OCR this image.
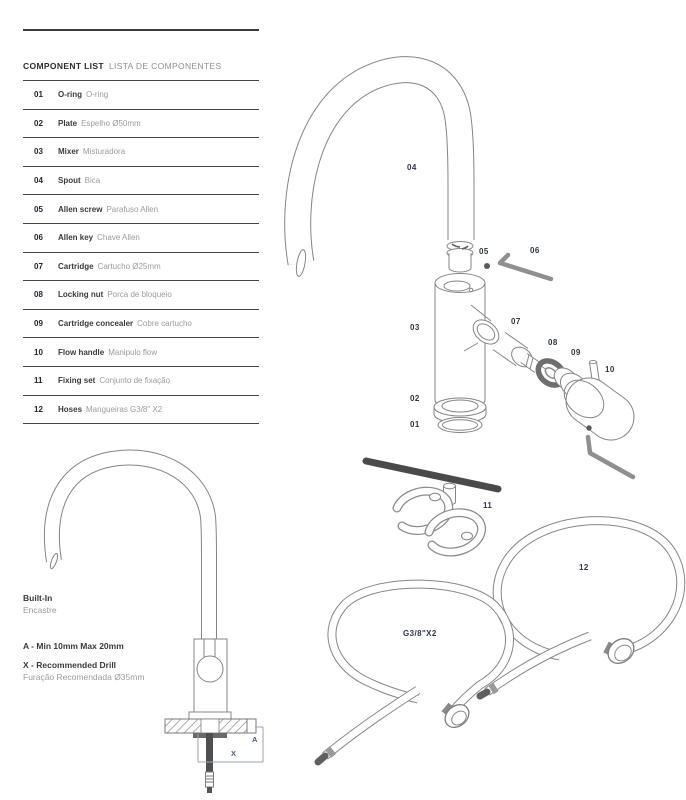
COMPONENT LIST LISTA DE COMPONENTES
01	O-ring O-ring
02	Plate Espelho Ø50mm
03	Mixer Misturadora
04	Spout Bica
05	Allen screw Parafuso Allen
06	Allen key Chave Allen
07	Cartridge Cartucho Ø25mm
08	Locking nut Porca de bloqueio
09	Cartridge concealer Cobre cartucho
10	Flow handle Manipulo flow
11	Fixing set Conjunto de fixação
12	Hoses Mangueiras G3/8" X2
04
05	06
03
07
08
09
10
02
01
11
12
G3/8"X2
A
X
Built-In
Encastre
A - Min 10mm Max 20mm
X - Recommended Drill
Furação Recomendada Ø35mm
